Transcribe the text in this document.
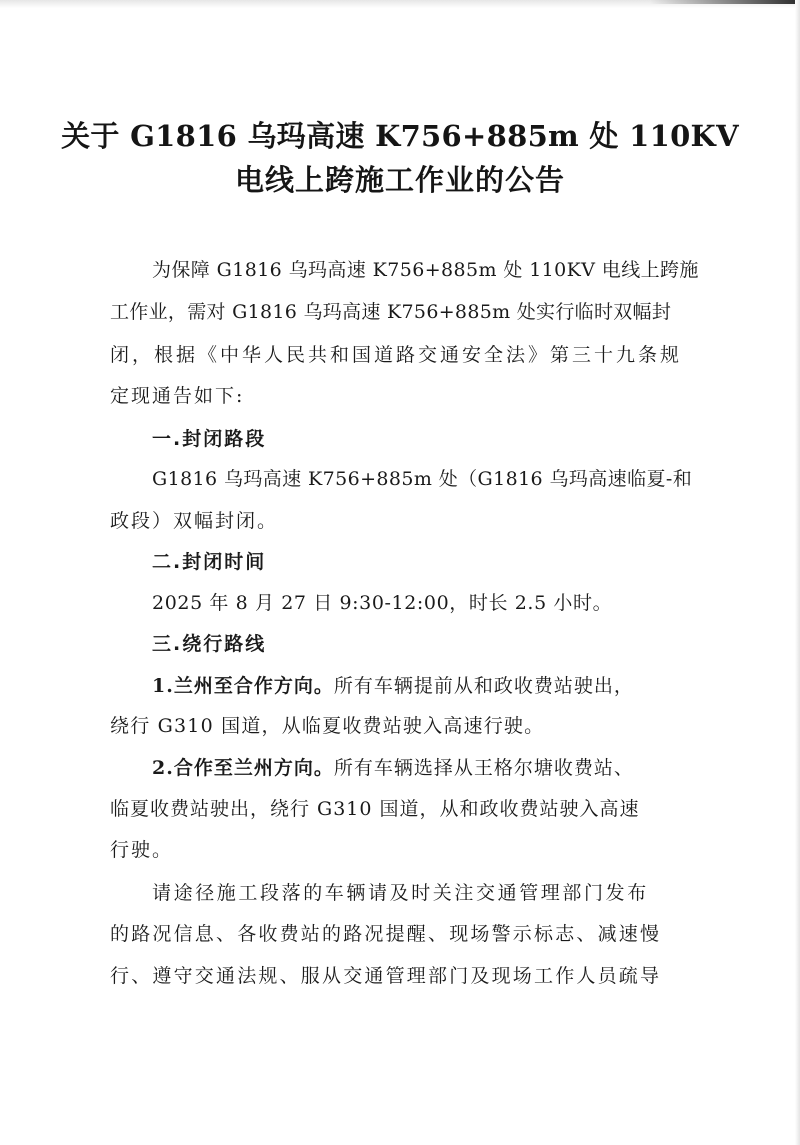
关于 G1816 乌玛高速 K756+885m 处 110KV
电线上跨施工作业的公告

为保障 G1816 乌玛高速 K756+885m 处 110KV 电线上跨施

工作业，需对 G1816 乌玛高速 K756+885m 处实行临时双幅封

闭，根据《中华人民共和国道路交通安全法》第三十九条规

定现通告如下:

一.封闭路段

G1816 乌玛高速 K756+885m 处（G1816 乌玛高速临夏-和

政段）双幅封闭。

二.封闭时间

2025 年 8 月 27 日 9:30-12:00，时长 2.5 小时。

三.绕行路线

1.兰州至合作方向。所有车辆提前从和政收费站驶出，

绕行 G310 国道，从临夏收费站驶入高速行驶。

2.合作至兰州方向。所有车辆选择从王格尔塘收费站、

临夏收费站驶出，绕行 G310 国道，从和政收费站驶入高速

行驶。

请途径施工段落的车辆请及时关注交通管理部门发布

的路况信息、各收费站的路况提醒、现场警示标志、减速慢

行、遵守交通法规、服从交通管理部门及现场工作人员疏导
